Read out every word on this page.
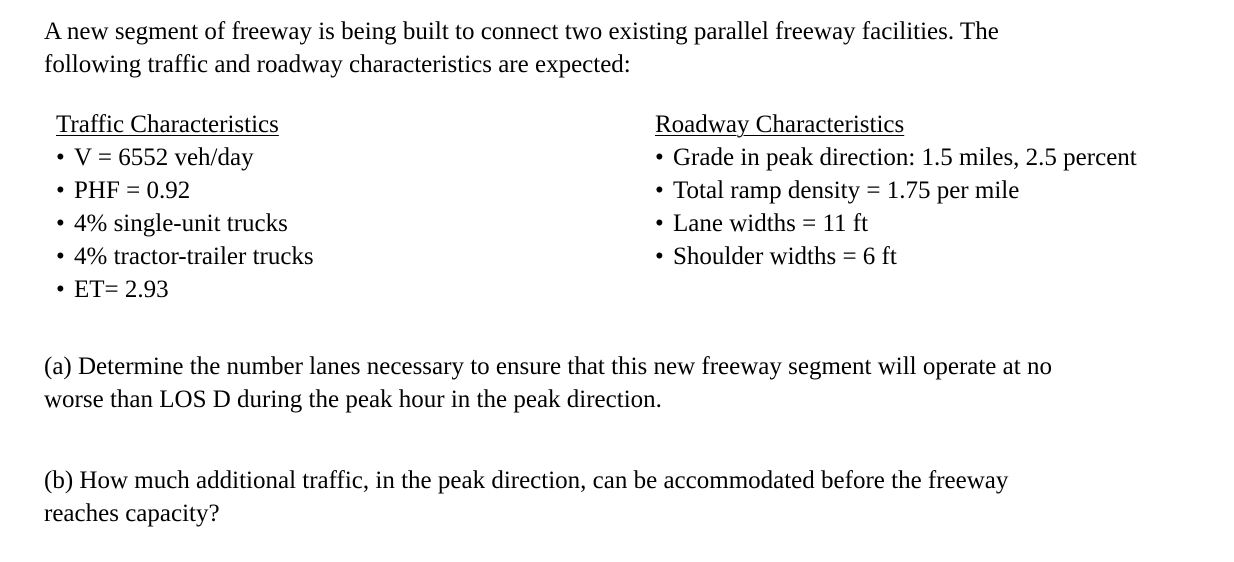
A new segment of freeway is being built to connect two existing parallel freeway facilities. The
following traffic and roadway characteristics are expected:
Traffic Characteristics
• V = 6552 veh/day
• PHF = 0.92
• 4% single-unit trucks
• 4% tractor-trailer trucks
• ET= 2.93
Roadway Characteristics
• Grade in peak direction: 1.5 miles, 2.5 percent
• Total ramp density = 1.75 per mile
• Lane widths = 11 ft
• Shoulder widths = 6 ft
(a) Determine the number lanes necessary to ensure that this new freeway segment will operate at no
worse than LOS D during the peak hour in the peak direction.
(b) How much additional traffic, in the peak direction, can be accommodated before the freeway
reaches capacity?
